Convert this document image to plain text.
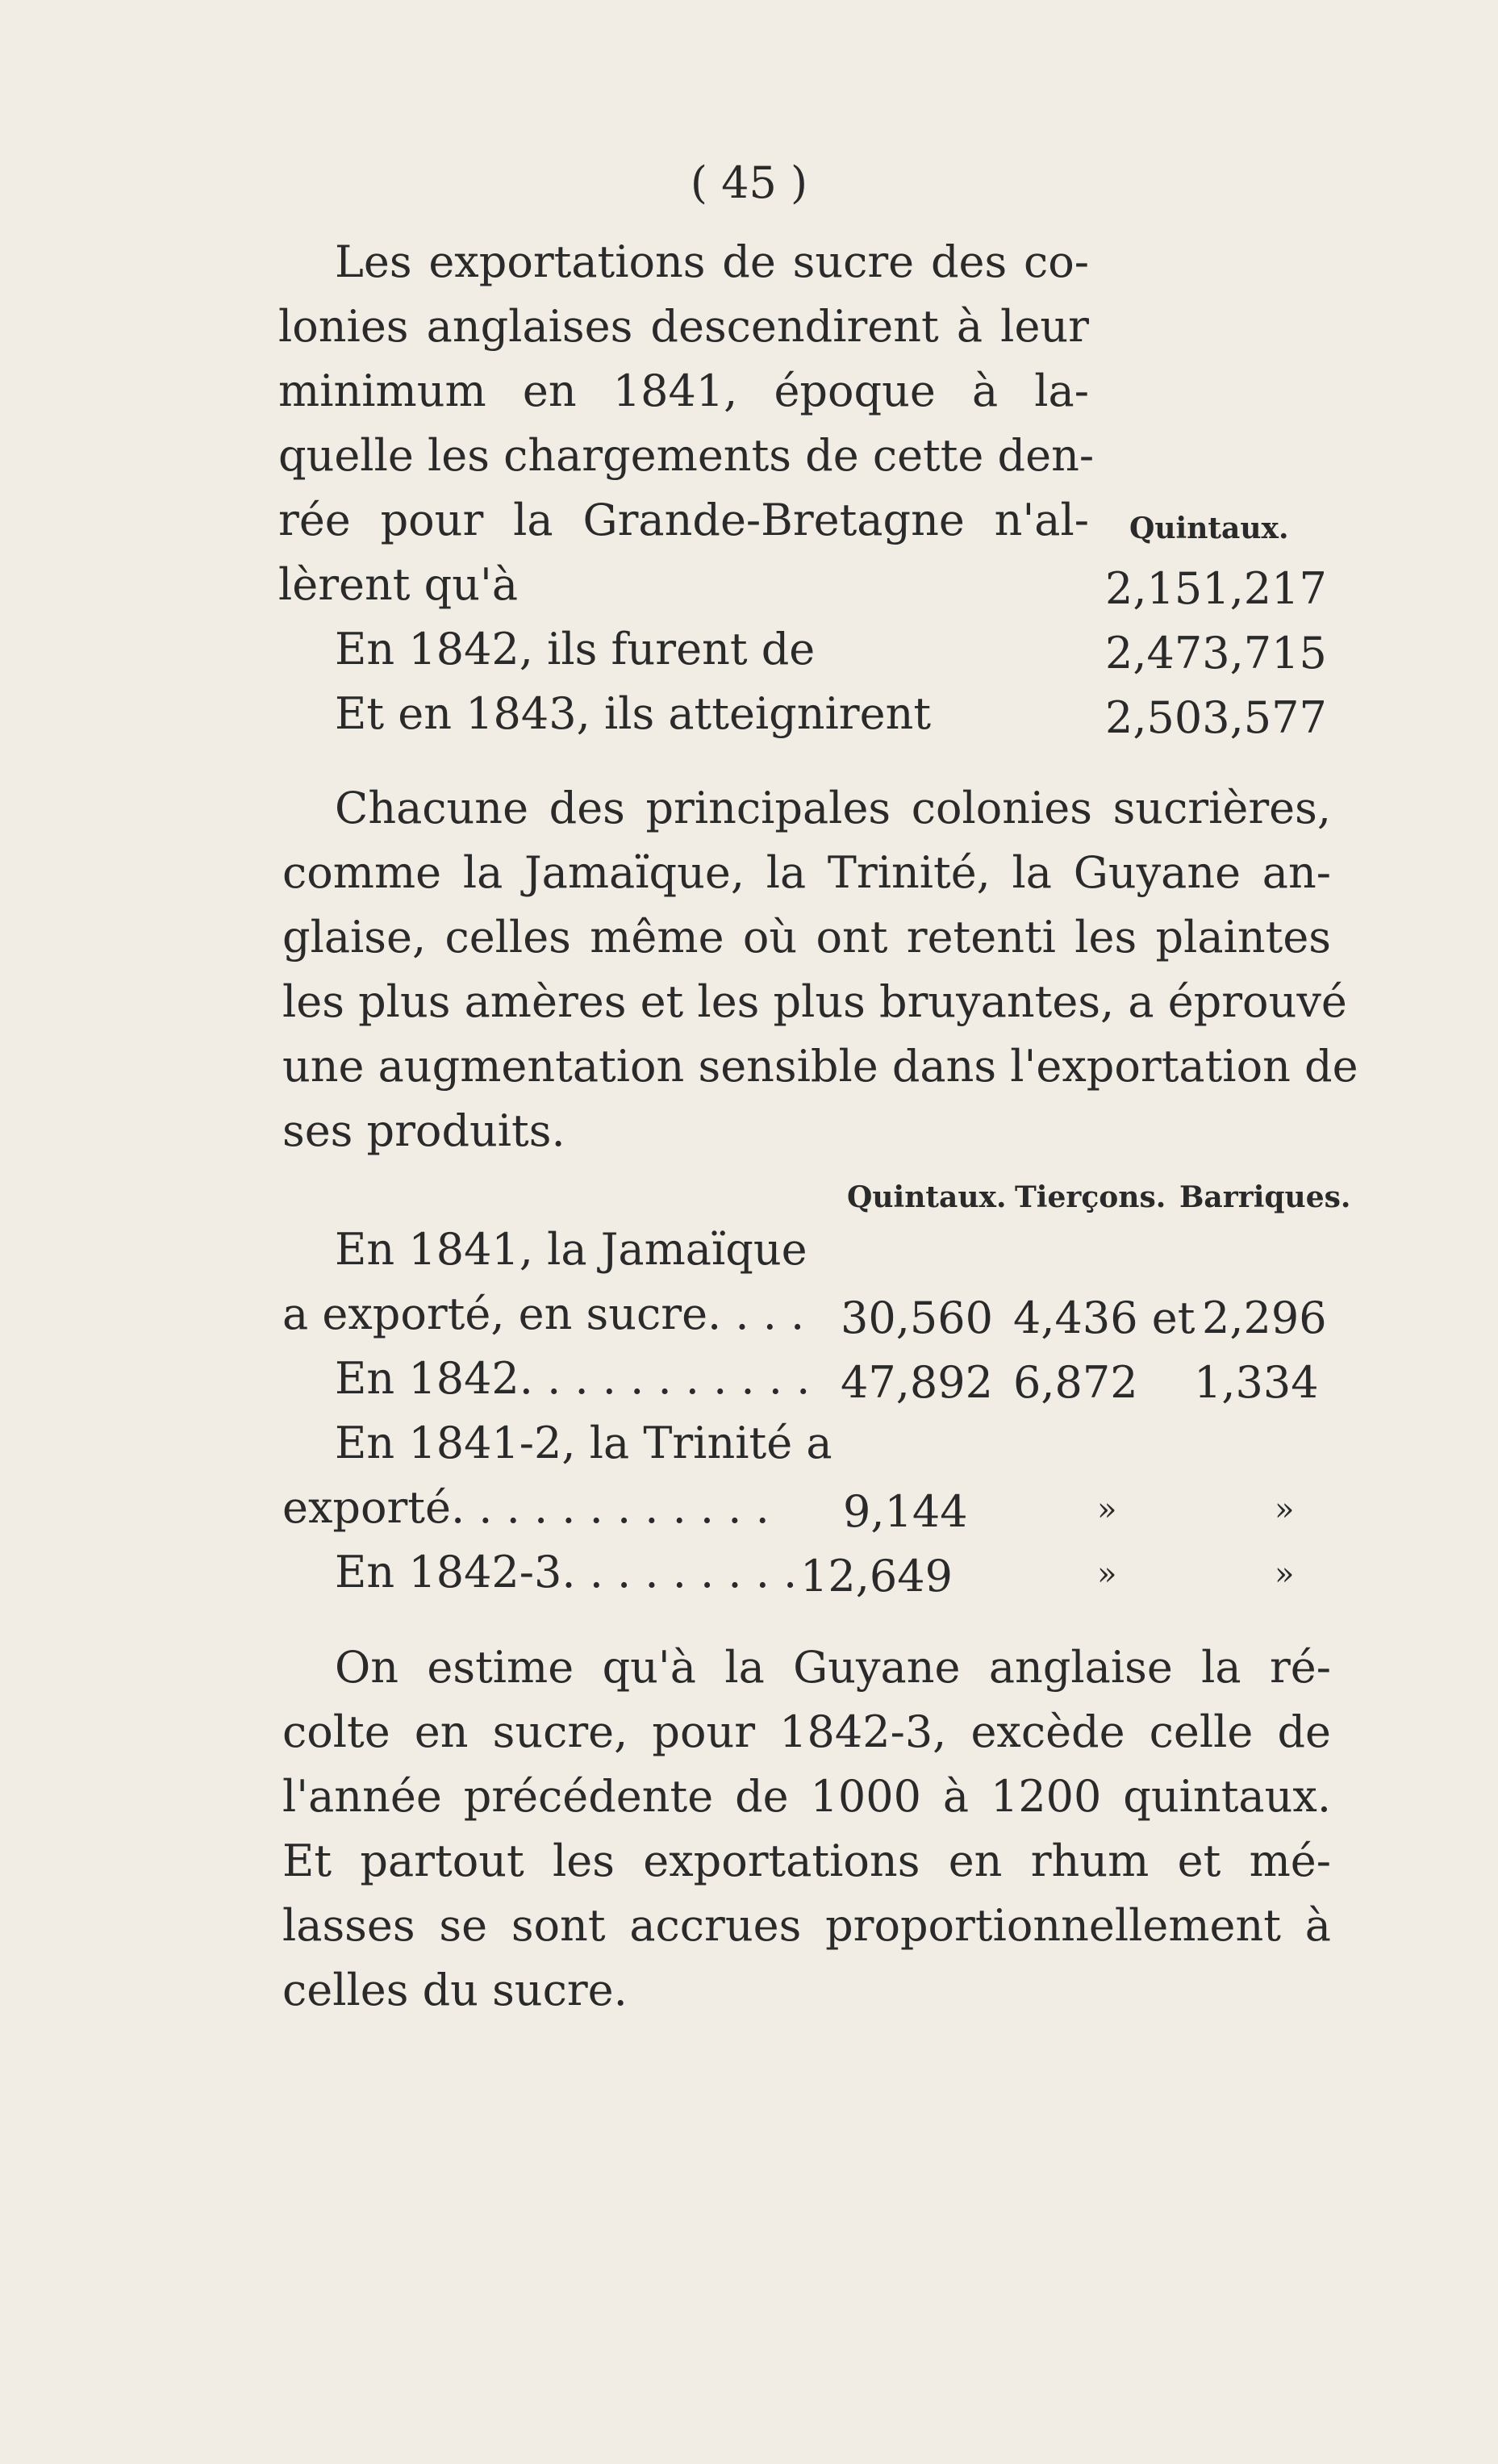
( 45 )
Les exportations de sucre des co-
lonies anglaises descendirent à leur
minimum en 1841, époque à la-
quelle les chargements de cette den-
rée pour la Grande-Bretagne n'al- Quintaux.
lèrent qu'à	2,151,217
En 1842, ils furent de	2,473,715
Et en 1843, ils atteignirent	2,503,577
Chacune des principales colonies sucrières,
comme la Jamaïque, la Trinité, la Guyane an-
glaise, celles même où ont retenti les plaintes
les plus amères et les plus bruyantes, a éprouvé
une augmentation sensible dans l'exportation de
ses produits.
Quintaux. Tierçons. Barriques.
En 1841, la Jamaïque
a exporté, en sucre. . . . 30,560 4,436 et 2,296
En 1842. . . . . . . . . . . 47,892 6,872 1,334
En 1841-2, la Trinité a
exporté. . . . . . . . . . . . 9,144	»	»
En 1842-3. . . . . . . . . 12,649	»	»
On estime qu'à la Guyane anglaise la ré-
colte en sucre, pour 1842-3, excède celle de
l'année précédente de 1000 à 1200 quintaux.
Et partout les exportations en rhum et mé-
lasses se sont accrues proportionnellement à
celles du sucre.
